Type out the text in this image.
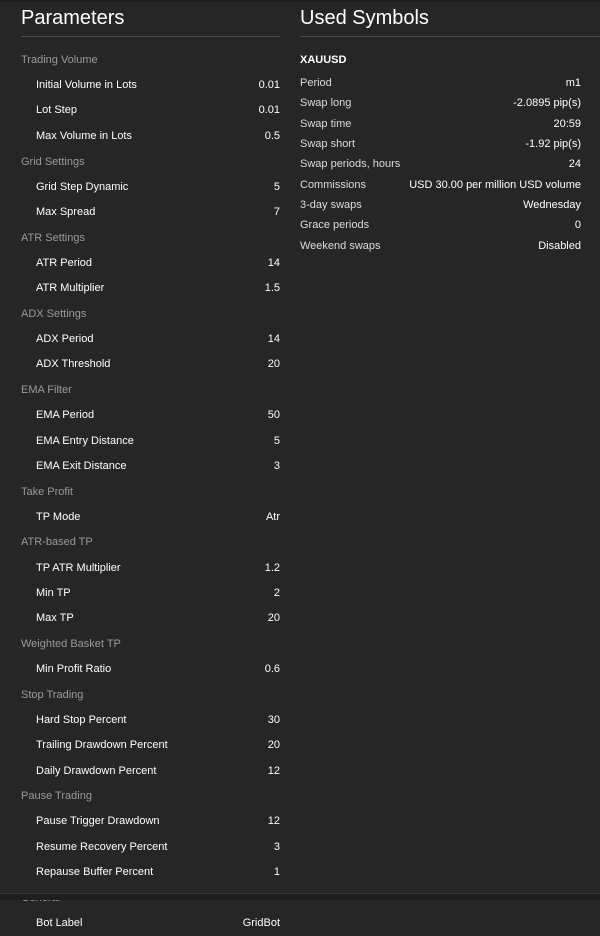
Parameters
Trading Volume
Initial Volume in Lots	0.01
Lot Step	0.01
Max Volume in Lots	0.5
Grid Settings
Grid Step Dynamic	5
Max Spread	7
ATR Settings
ATR Period	14
ATR Multiplier	1.5
ADX Settings
ADX Period	14
ADX Threshold	20
EMA Filter
EMA Period	50
EMA Entry Distance	5
EMA Exit Distance	3
Take Profit
TP Mode	Atr
ATR-based TP
TP ATR Multiplier	1.2
Min TP	2
Max TP	20
Weighted Basket TP
Min Profit Ratio	0.6
Stop Trading
Hard Stop Percent	30
Trailing Drawdown Percent	20
Daily Drawdown Percent	12
Pause Trading
Pause Trigger Drawdown	12
Resume Recovery Percent	3
Repause Buffer Percent	1
Bot Label	GridBot
Used Symbols
XAUUSD
Period	m1
Swap long	-2.0895 pip(s)
Swap time	20:59
Swap short	-1.92 pip(s)
Swap periods, hours	24
Commissions	USD 30.00 per million USD volume
3-day swaps	Wednesday
Grace periods	0
Weekend swaps	Disabled
